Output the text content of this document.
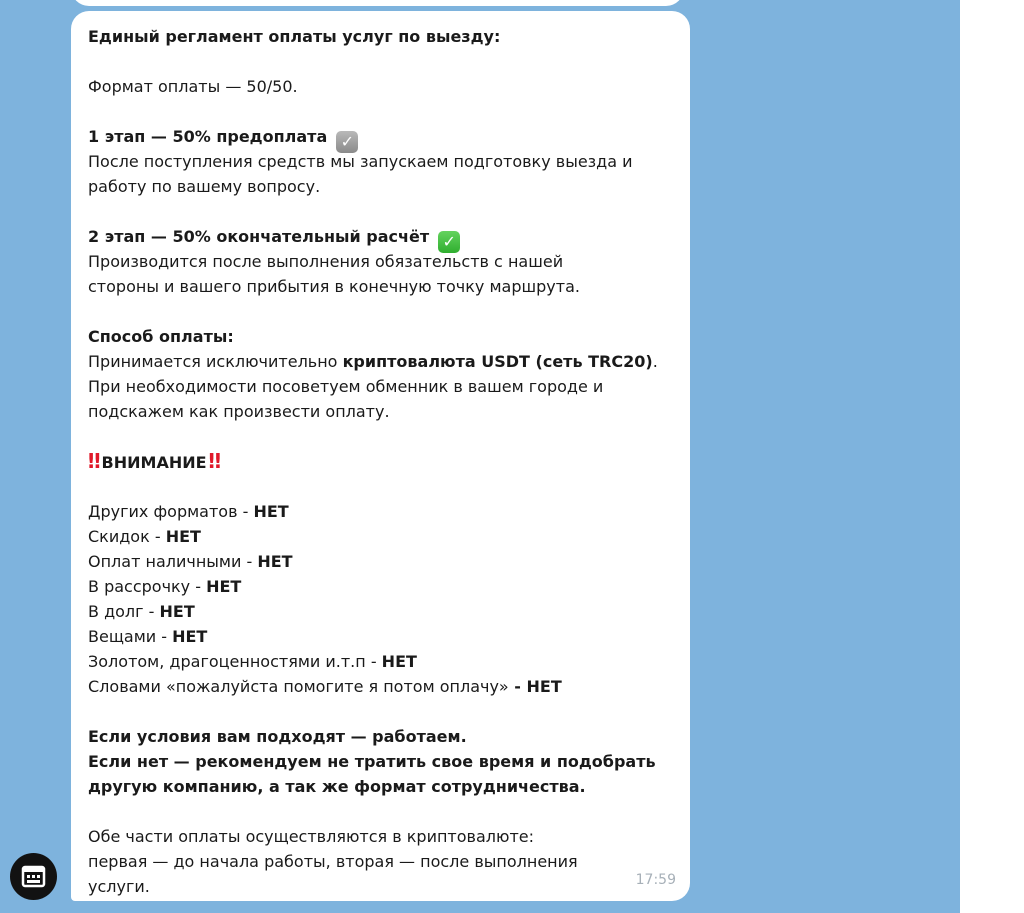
Единый регламент оплаты услуг по выезду:
Формат оплаты — 50/50.
1 этап — 50% предоплата ✓
После поступления средств мы запускаем подготовку выезда и
работу по вашему вопросу.
2 этап — 50% окончательный расчёт ✓
Производится после выполнения обязательств с нашей
стороны и вашего прибытия в конечную точку маршрута.
Способ оплаты:
Принимается исключительно криптовалюта USDT (сеть TRC20).
При необходимости посоветуем обменник в вашем городе и
подскажем как произвести оплату.
‼ ВНИМАНИЕ ‼
Других форматов - НЕТ
Скидок - НЕТ
Оплат наличными - НЕТ
В рассрочку - НЕТ
В долг - НЕТ
Вещами - НЕТ
Золотом, драгоценностями и.т.п - НЕТ
Словами «пожалуйста помогите я потом оплачу» - НЕТ
Если условия вам подходят — работаем.
Если нет — рекомендуем не тратить свое время и подобрать
другую компанию, а так же формат сотрудничества.
Обе части оплаты осуществляются в криптовалюте:
первая — до начала работы, вторая — после выполнения
услуги.	17:59
